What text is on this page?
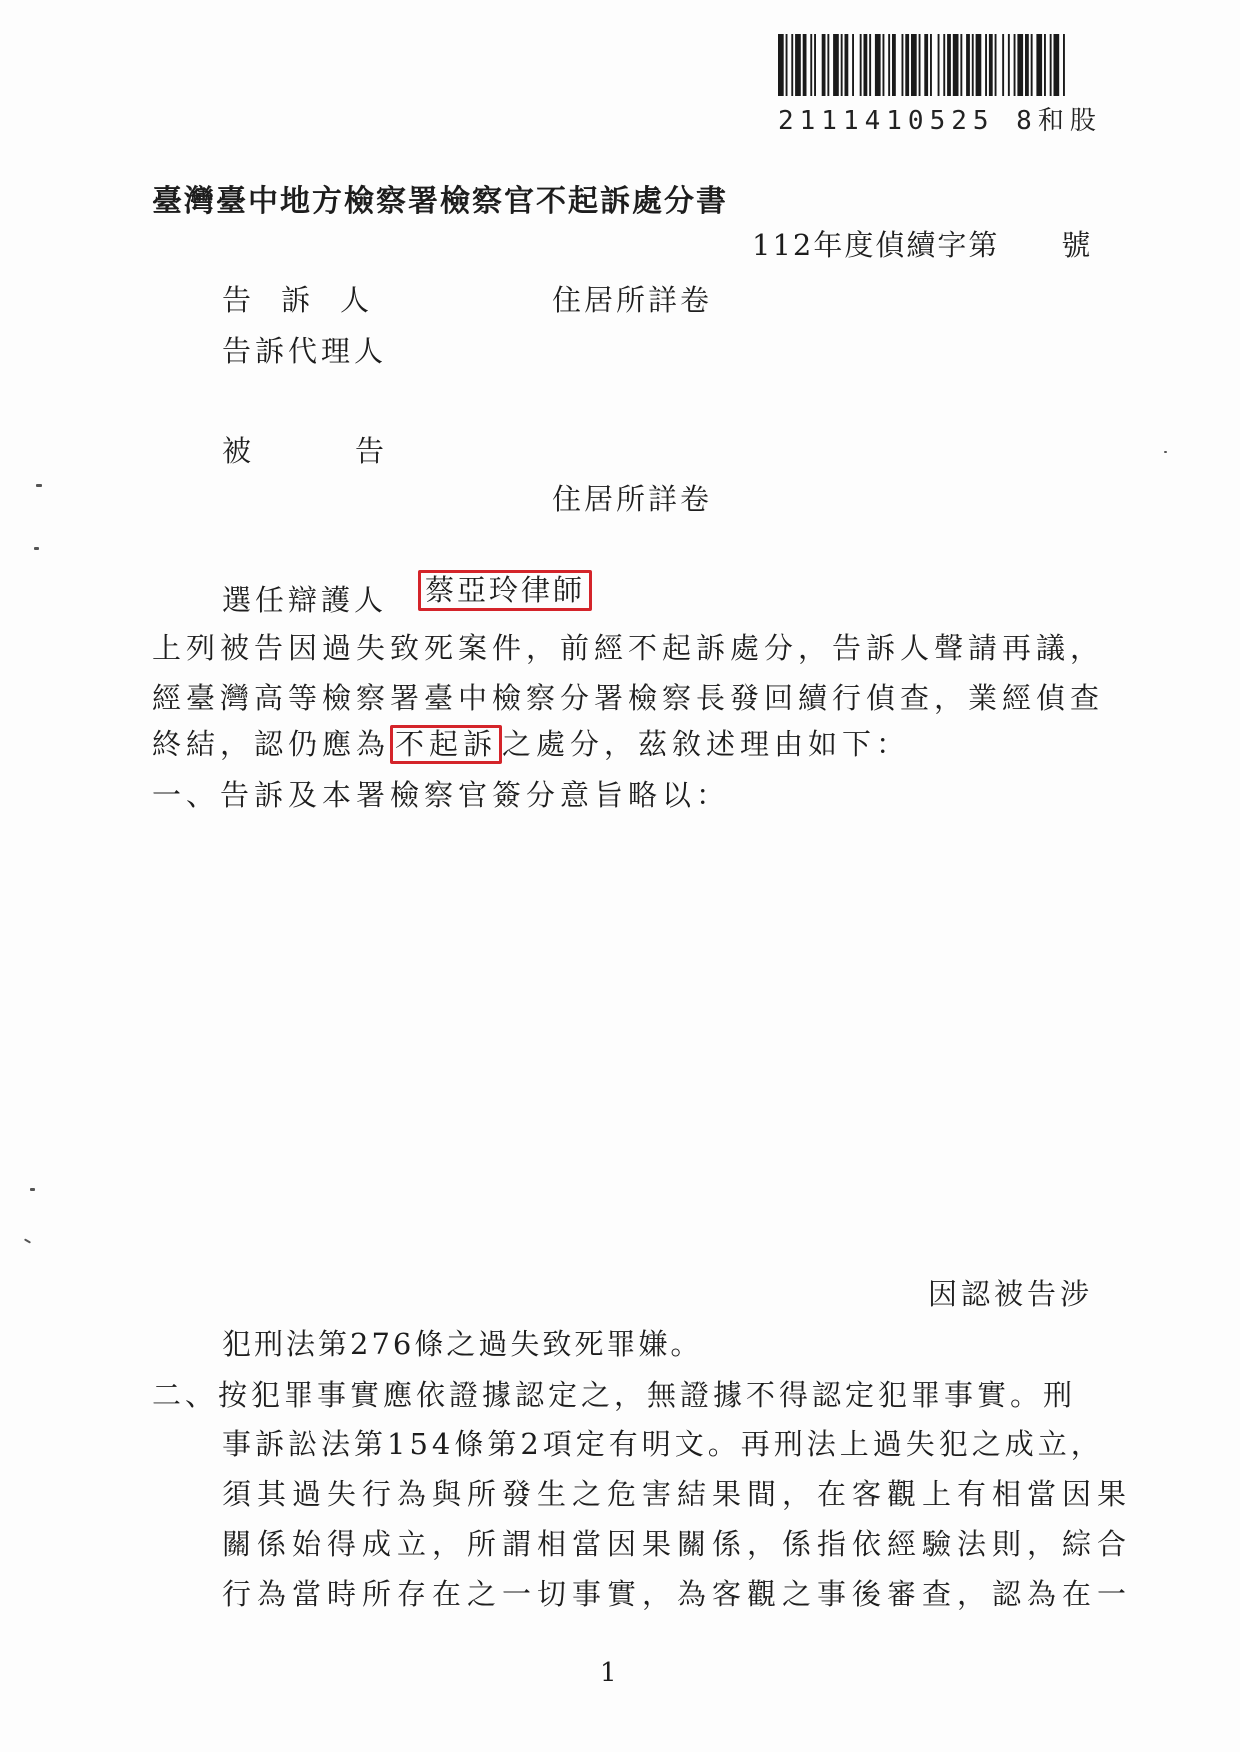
2111410525 8和股
臺灣臺中地方檢察署檢察官不起訴處分書
112年度偵續字第　　號
告訴人	住居所詳卷
告訴代理人
被告
住居所詳卷
選任辯護人 蔡亞玲律師
上列被告因過失致死案件，前經不起訴處分，告訴人聲請再議，
經臺灣高等檢察署臺中檢察分署檢察長發回續行偵查，業經偵查
終結，認仍應為 不起訴 之處分，茲敘述理由如下：
一、告訴及本署檢察官簽分意旨略以：
因認被告涉
犯刑法第276條之過失致死罪嫌。
二、按犯罪事實應依證據認定之，無證據不得認定犯罪事實。刑
事訴訟法第154條第2項定有明文。再刑法上過失犯之成立，
須其過失行為與所發生之危害結果間，在客觀上有相當因果
關係始得成立，所謂相當因果關係，係指依經驗法則，綜合
行為當時所存在之一切事實，為客觀之事後審查，認為在一
1
